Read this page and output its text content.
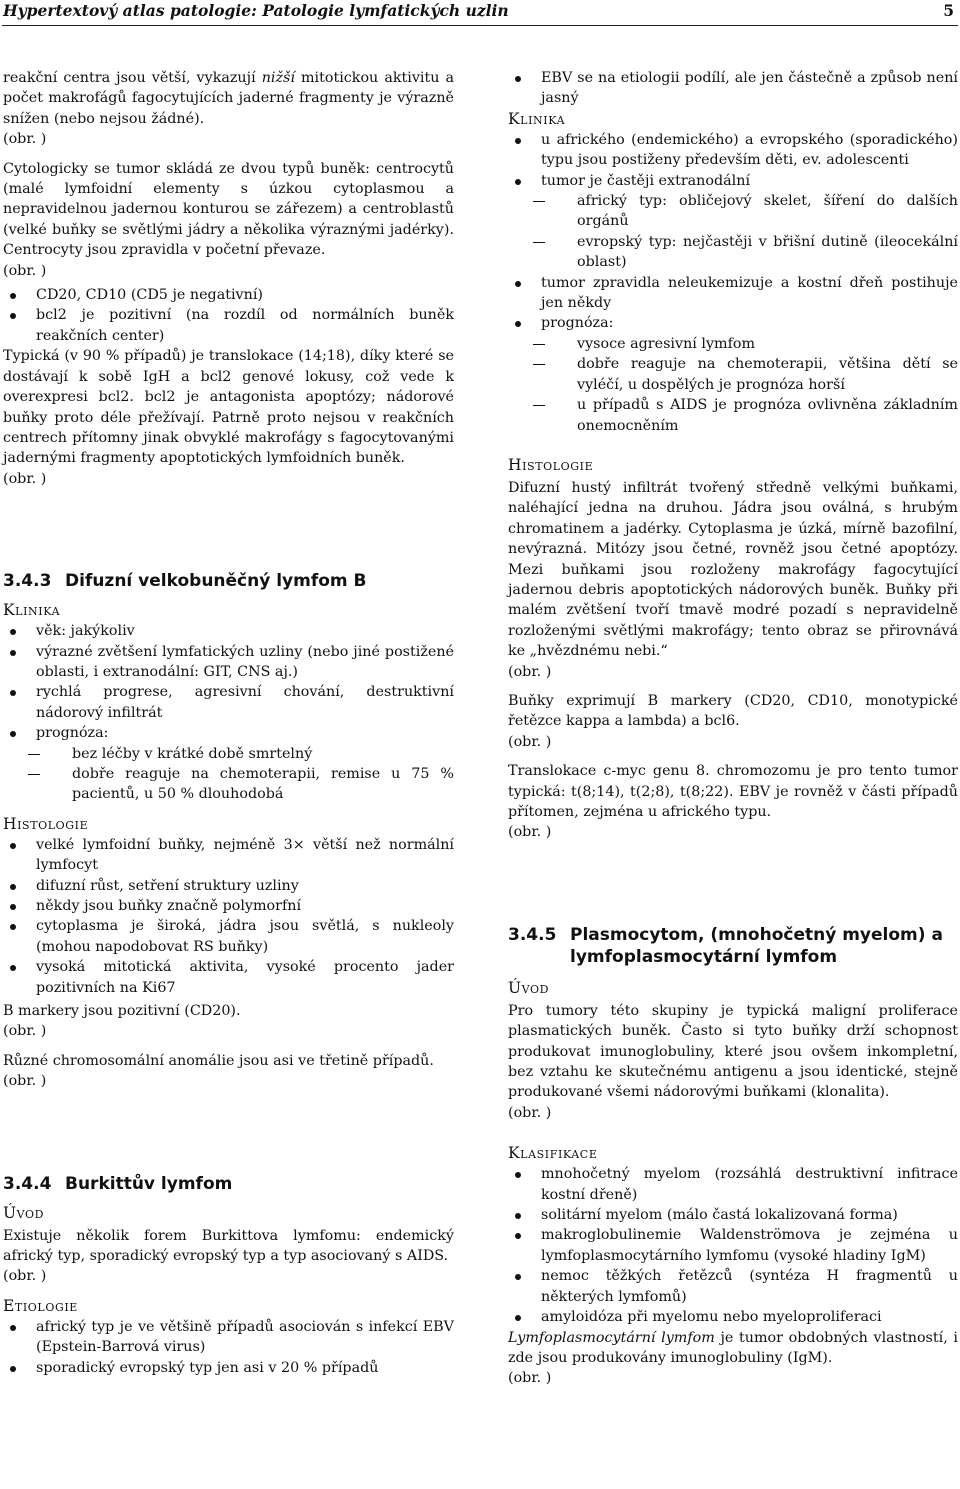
Hypertextový atlas patologie: Patologie lymfatických uzlin	5

reakční centra jsou větší, vykazují nižší mitotickou aktivitu a počet makrofágů fagocytujících jaderné fragmenty je výrazně snížen (nebo nejsou žádné).

(obr. )

Cytologicky se tumor skládá ze dvou typů buněk: centrocytů (malé lymfoidní elementy s úzkou cytoplasmou a nepravidelnou jadernou konturou se zářezem) a centroblastů (velké buňky se světlými jádry a několika výraznými jadérky). Centrocyty jsou zpravidla v početní převaze.

(obr. )

CD20, CD10 (CD5 je negativní)
bcl2 je pozitivní (na rozdíl od normálních buněk reakčních center)

Typická (v 90 % případů) je translokace (14;18), díky které se dostávají k sobě IgH a bcl2 genové lokusy, což vede k overexpresi bcl2. bcl2 je antagonista apoptózy; nádorové buňky proto déle přežívají. Patrně proto nejsou v reakčních centrech přítomny jinak obvyklé makrofágy s fagocytovanými jadernými fragmenty apoptotických lymfoidních buněk.

(obr. )

3.4.3 Difuzní velkobuněčný lymfom B
Klinika
věk: jakýkoliv
výrazné zvětšení lymfatických uzliny (nebo jiné postižené oblasti, i extranodální: GIT, CNS aj.)
rychlá progrese, agresivní chování, destruktivní nádorový infiltrát
prognóza:
bez léčby v krátké době smrtelný
dobře reaguje na chemoterapii, remise u 75 % pacientů, u 50 % dlouhodobá
Histologie
velké lymfoidní buňky, nejméně 3× větší než normální lymfocyt
difuzní růst, setření struktury uzliny
někdy jsou buňky značně polymorfní
cytoplasma je široká, jádra jsou světlá, s nukleoly (mohou napodobovat RS buňky)
vysoká mitotická aktivita, vysoké procento jader pozitivních na Ki67

B markery jsou pozitivní (CD20).

(obr. )

Různé chromosomální anomálie jsou asi ve třetině případů.

(obr. )

3.4.4 Burkittův lymfom
Úvod

Existuje několik forem Burkittova lymfomu: endemický africký typ, sporadický evropský typ a typ asociovaný s AIDS.

(obr. )

Etiologie
africký typ je ve většině případů asociován s infekcí EBV (Epstein-Barrová virus)
sporadický evropský typ jen asi v 20 % případů
EBV se na etiologii podílí, ale jen částečně a způsob není jasný
Klinika
u afrického (endemického) a evropského (sporadického) typu jsou postiženy především děti, ev. adolescenti
tumor je častěji extranodální
africký typ: obličejový skelet, šíření do dalších orgánů
evropský typ: nejčastěji v břišní dutině (ileocekální oblast)
tumor zpravidla neleukemizuje a kostní dřeň postihuje jen někdy
prognóza:
vysoce agresivní lymfom
dobře reaguje na chemoterapii, většina dětí se vyléčí, u dospělých je prognóza horší
u případů s AIDS je prognóza ovlivněna základním onemocněním
Histologie

Difuzní hustý infiltrát tvořený středně velkými buňkami, naléhající jedna na druhou. Jádra jsou oválná, s hrubým chromatinem a jadérky. Cytoplasma je úzká, mírně bazofilní, nevýrazná. Mitózy jsou četné, rovněž jsou četné apoptózy. Mezi buňkami jsou rozloženy makrofágy fagocytující jadernou debris apoptotických nádorových buněk. Buňky při malém zvětšení tvoří tmavě modré pozadí s nepravidelně rozloženými světlými makrofágy; tento obraz se přirovnává ke „hvězdnému nebi.“

(obr. )

Buňky exprimují B markery (CD20, CD10, monotypické řetězce kappa a lambda) a bcl6.

(obr. )

Translokace c-myc genu 8. chromozomu je pro tento tumor typická: t(8;14), t(2;8), t(8;22). EBV je rovněž v části případů přítomen, zejména u afrického typu.

(obr. )

3.4.5 Plasmocytom, (mnohočetný myelom) a
lymfoplasmocytární lymfom
Úvod

Pro tumory této skupiny je typická maligní proliferace plasmatických buněk. Často si tyto buňky drží schopnost produkovat imunoglobuliny, které jsou ovšem inkompletní, bez vztahu ke skutečnému antigenu a jsou identické, stejně produkované všemi nádorovými buňkami (klonalita).

(obr. )

Klasifikace
mnohočetný myelom (rozsáhlá destruktivní infitrace kostní dřeně)
solitární myelom (málo častá lokalizovaná forma)
makroglobulinemie Waldenströmova je zejména u lymfoplasmocytárního lymfomu (vysoké hladiny IgM)
nemoc těžkých řetězců (syntéza H fragmentů u některých lymfomů)
amyloidóza při myelomu nebo myeloproliferaci

Lymfoplasmocytární lymfom je tumor obdobných vlastností, i zde jsou produkovány imunoglobuliny (IgM).

(obr. )
